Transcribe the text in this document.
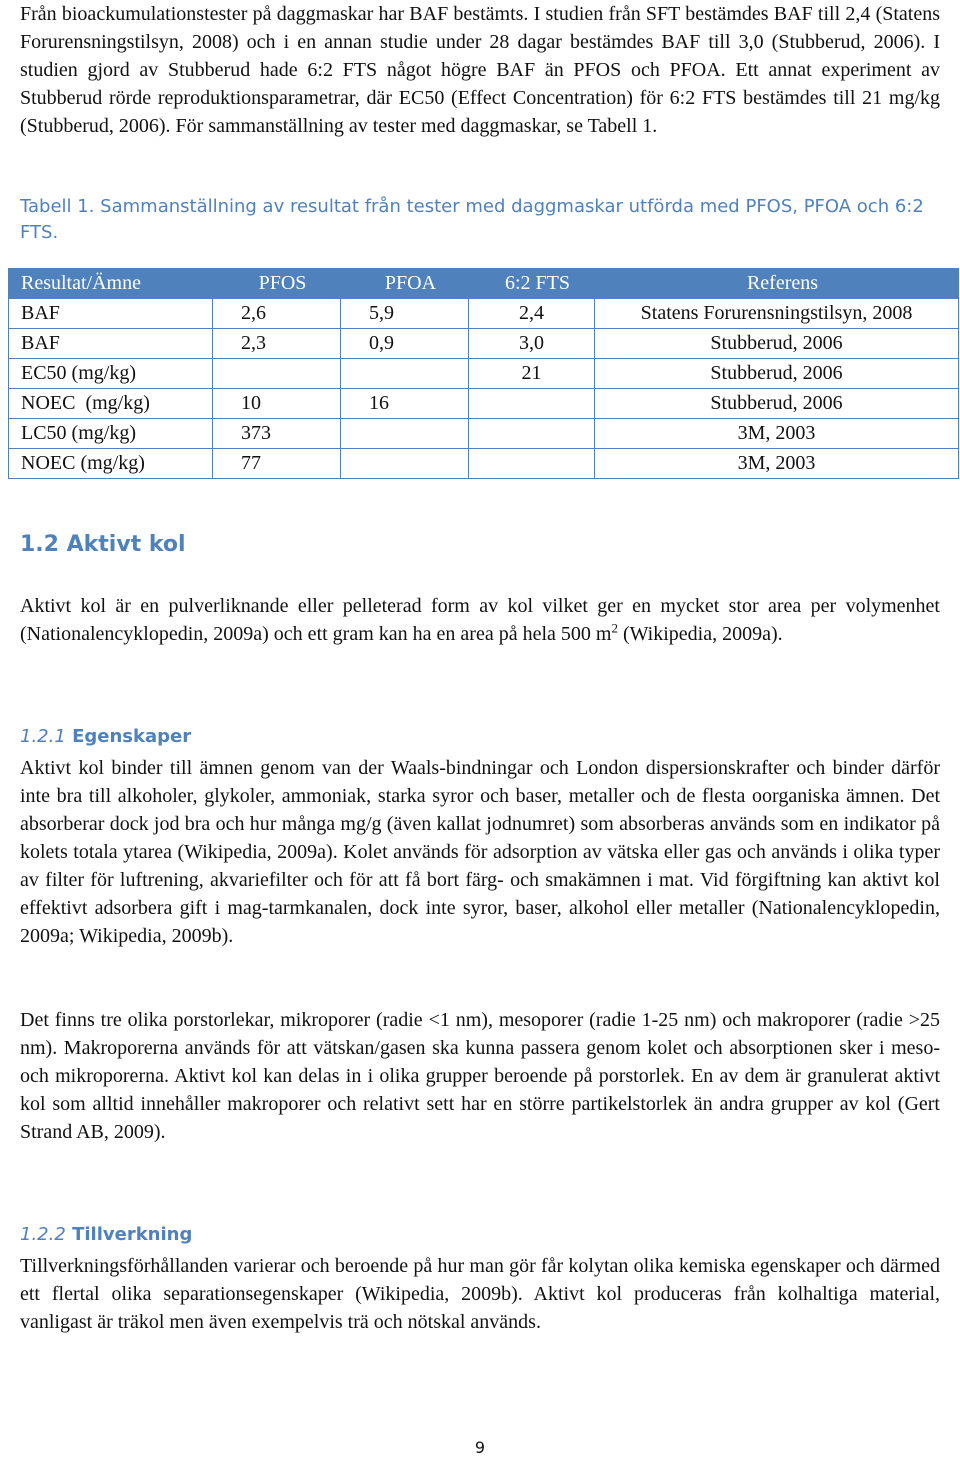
Från bioackumulationstester på daggmaskar har BAF bestämts. I studien från SFT bestämdes BAF till 2,4 (Statens Forurensningstilsyn, 2008) och i en annan studie under 28 dagar bestämdes BAF till 3,0 (Stubberud, 2006). I studien gjord av Stubberud hade 6:2 FTS något högre BAF än PFOS och PFOA. Ett annat experiment av Stubberud rörde reproduktionsparametrar, där EC50 (Effect Concentration) för 6:2 FTS bestämdes till 21 mg/kg (Stubberud, 2006). För sammanställning av tester med daggmaskar, se Tabell 1.

Tabell 1. Sammanställning av resultat från tester med daggmaskar utförda med PFOS, PFOA och 6:2 FTS.

Resultat/Ämne	PFOS	PFOA	6:2 FTS	Referens
BAF	2,6	5,9	2,4	Statens Forurensningstilsyn, 2008
BAF	2,3	0,9	3,0	Stubberud, 2006
EC50 (mg/kg)			21	Stubberud, 2006
NOEC  (mg/kg)	10	16		Stubberud, 2006
LC50 (mg/kg)	373			3M, 2003
NOEC (mg/kg)	77			3M, 2003
1.2 Aktivt kol

Aktivt kol är en pulverliknande eller pelleterad form av kol vilket ger en mycket stor area per volymenhet (Nationalencyklopedin, 2009a) och ett gram kan ha en area på hela 500 $m^2$ (Wikipedia, 2009a).

1.2.1 Egenskaper

Aktivt kol binder till ämnen genom van der Waals-bindningar och London dispersionskrafter och binder därför inte bra till alkoholer, glykoler, ammoniak, starka syror och baser, metaller och de flesta oorganiska ämnen. Det absorberar dock jod bra och hur många mg/g (även kallat jodnumret) som absorberas används som en indikator på kolets totala ytarea (Wikipedia, 2009a). Kolet används för adsorption av vätska eller gas och används i olika typer av filter för luftrening, akvariefilter och för att få bort färg- och smakämnen i mat. Vid förgiftning kan aktivt kol effektivt adsorbera gift i mag-tarmkanalen, dock inte syror, baser, alkohol eller metaller (Nationalencyklopedin, 2009a; Wikipedia, 2009b).

Det finns tre olika porstorlekar, mikroporer (radie <1 nm), mesoporer (radie 1-25 nm) och makroporer (radie >25 nm). Makroporerna används för att vätskan/gasen ska kunna passera genom kolet och absorptionen sker i meso- och mikroporerna. Aktivt kol kan delas in i olika grupper beroende på porstorlek. En av dem är granulerat aktivt kol som alltid innehåller makroporer och relativt sett har en större partikelstorlek än andra grupper av kol (Gert Strand AB, 2009).

1.2.2 Tillverkning

Tillverkningsförhållanden varierar och beroende på hur man gör får kolytan olika kemiska egenskaper och därmed ett flertal olika separationsegenskaper (Wikipedia, 2009b). Aktivt kol produceras från kolhaltiga material, vanligast är träkol men även exempelvis trä och nötskal används.

9
